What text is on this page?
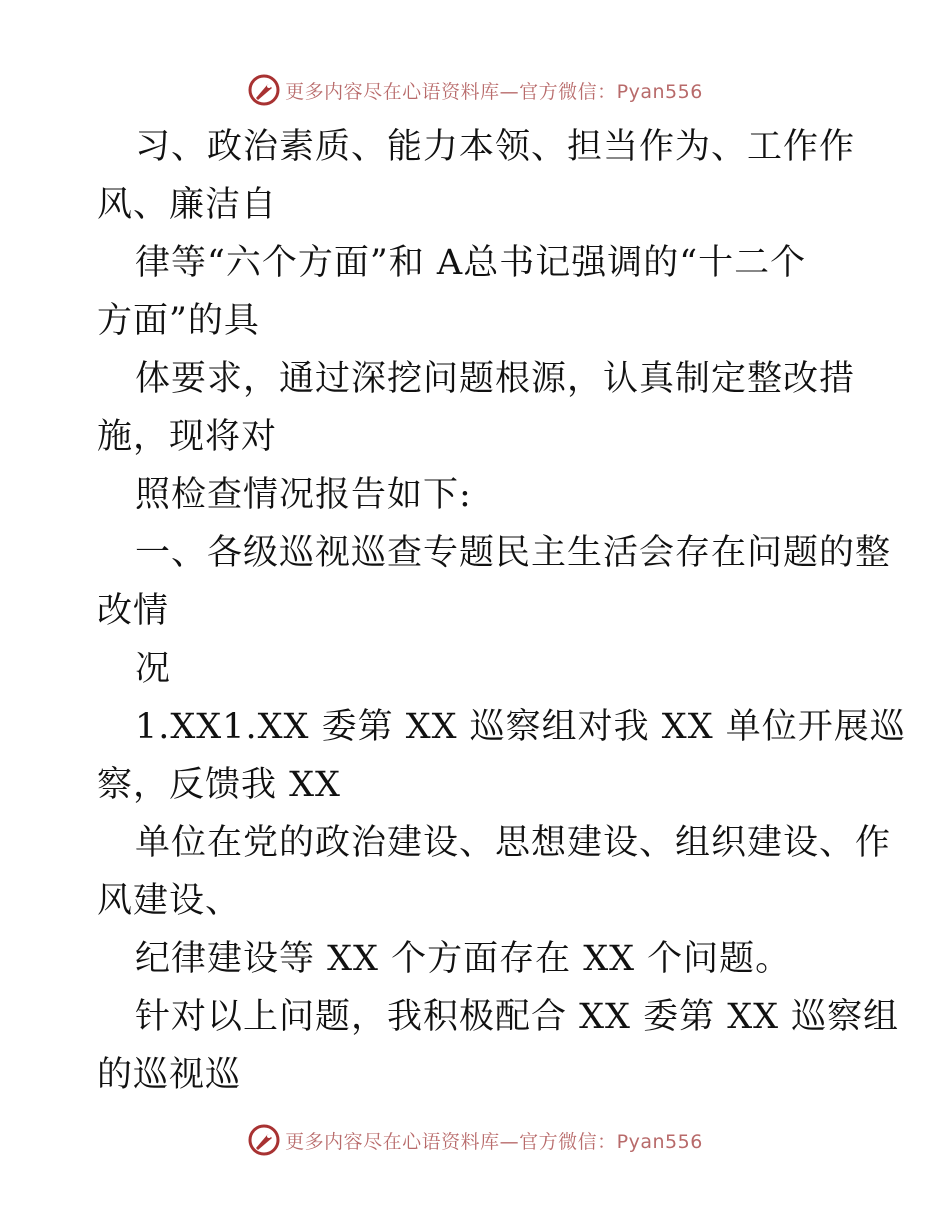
更多内容尽在心语资料库—官方微信：Pyan556
习、政治素质、能力本领、担当作为、工作作
风、廉洁自
律等“六个方面”和 A总书记强调的“十二个
方面”的具
体要求，通过深挖问题根源，认真制定整改措
施，现将对
照检查情况报告如下:
一、各级巡视巡查专题民主生活会存在问题的整
改情
况
1.XX1.XX 委第 XX 巡察组对我 XX 单位开展巡
察，反馈我 XX
单位在党的政治建设、思想建设、组织建设、作
风建设、
纪律建设等 XX 个方面存在 XX 个问题。
针对以上问题，我积极配合 XX 委第 XX 巡察组
的巡视巡
更多内容尽在心语资料库—官方微信：Pyan556
